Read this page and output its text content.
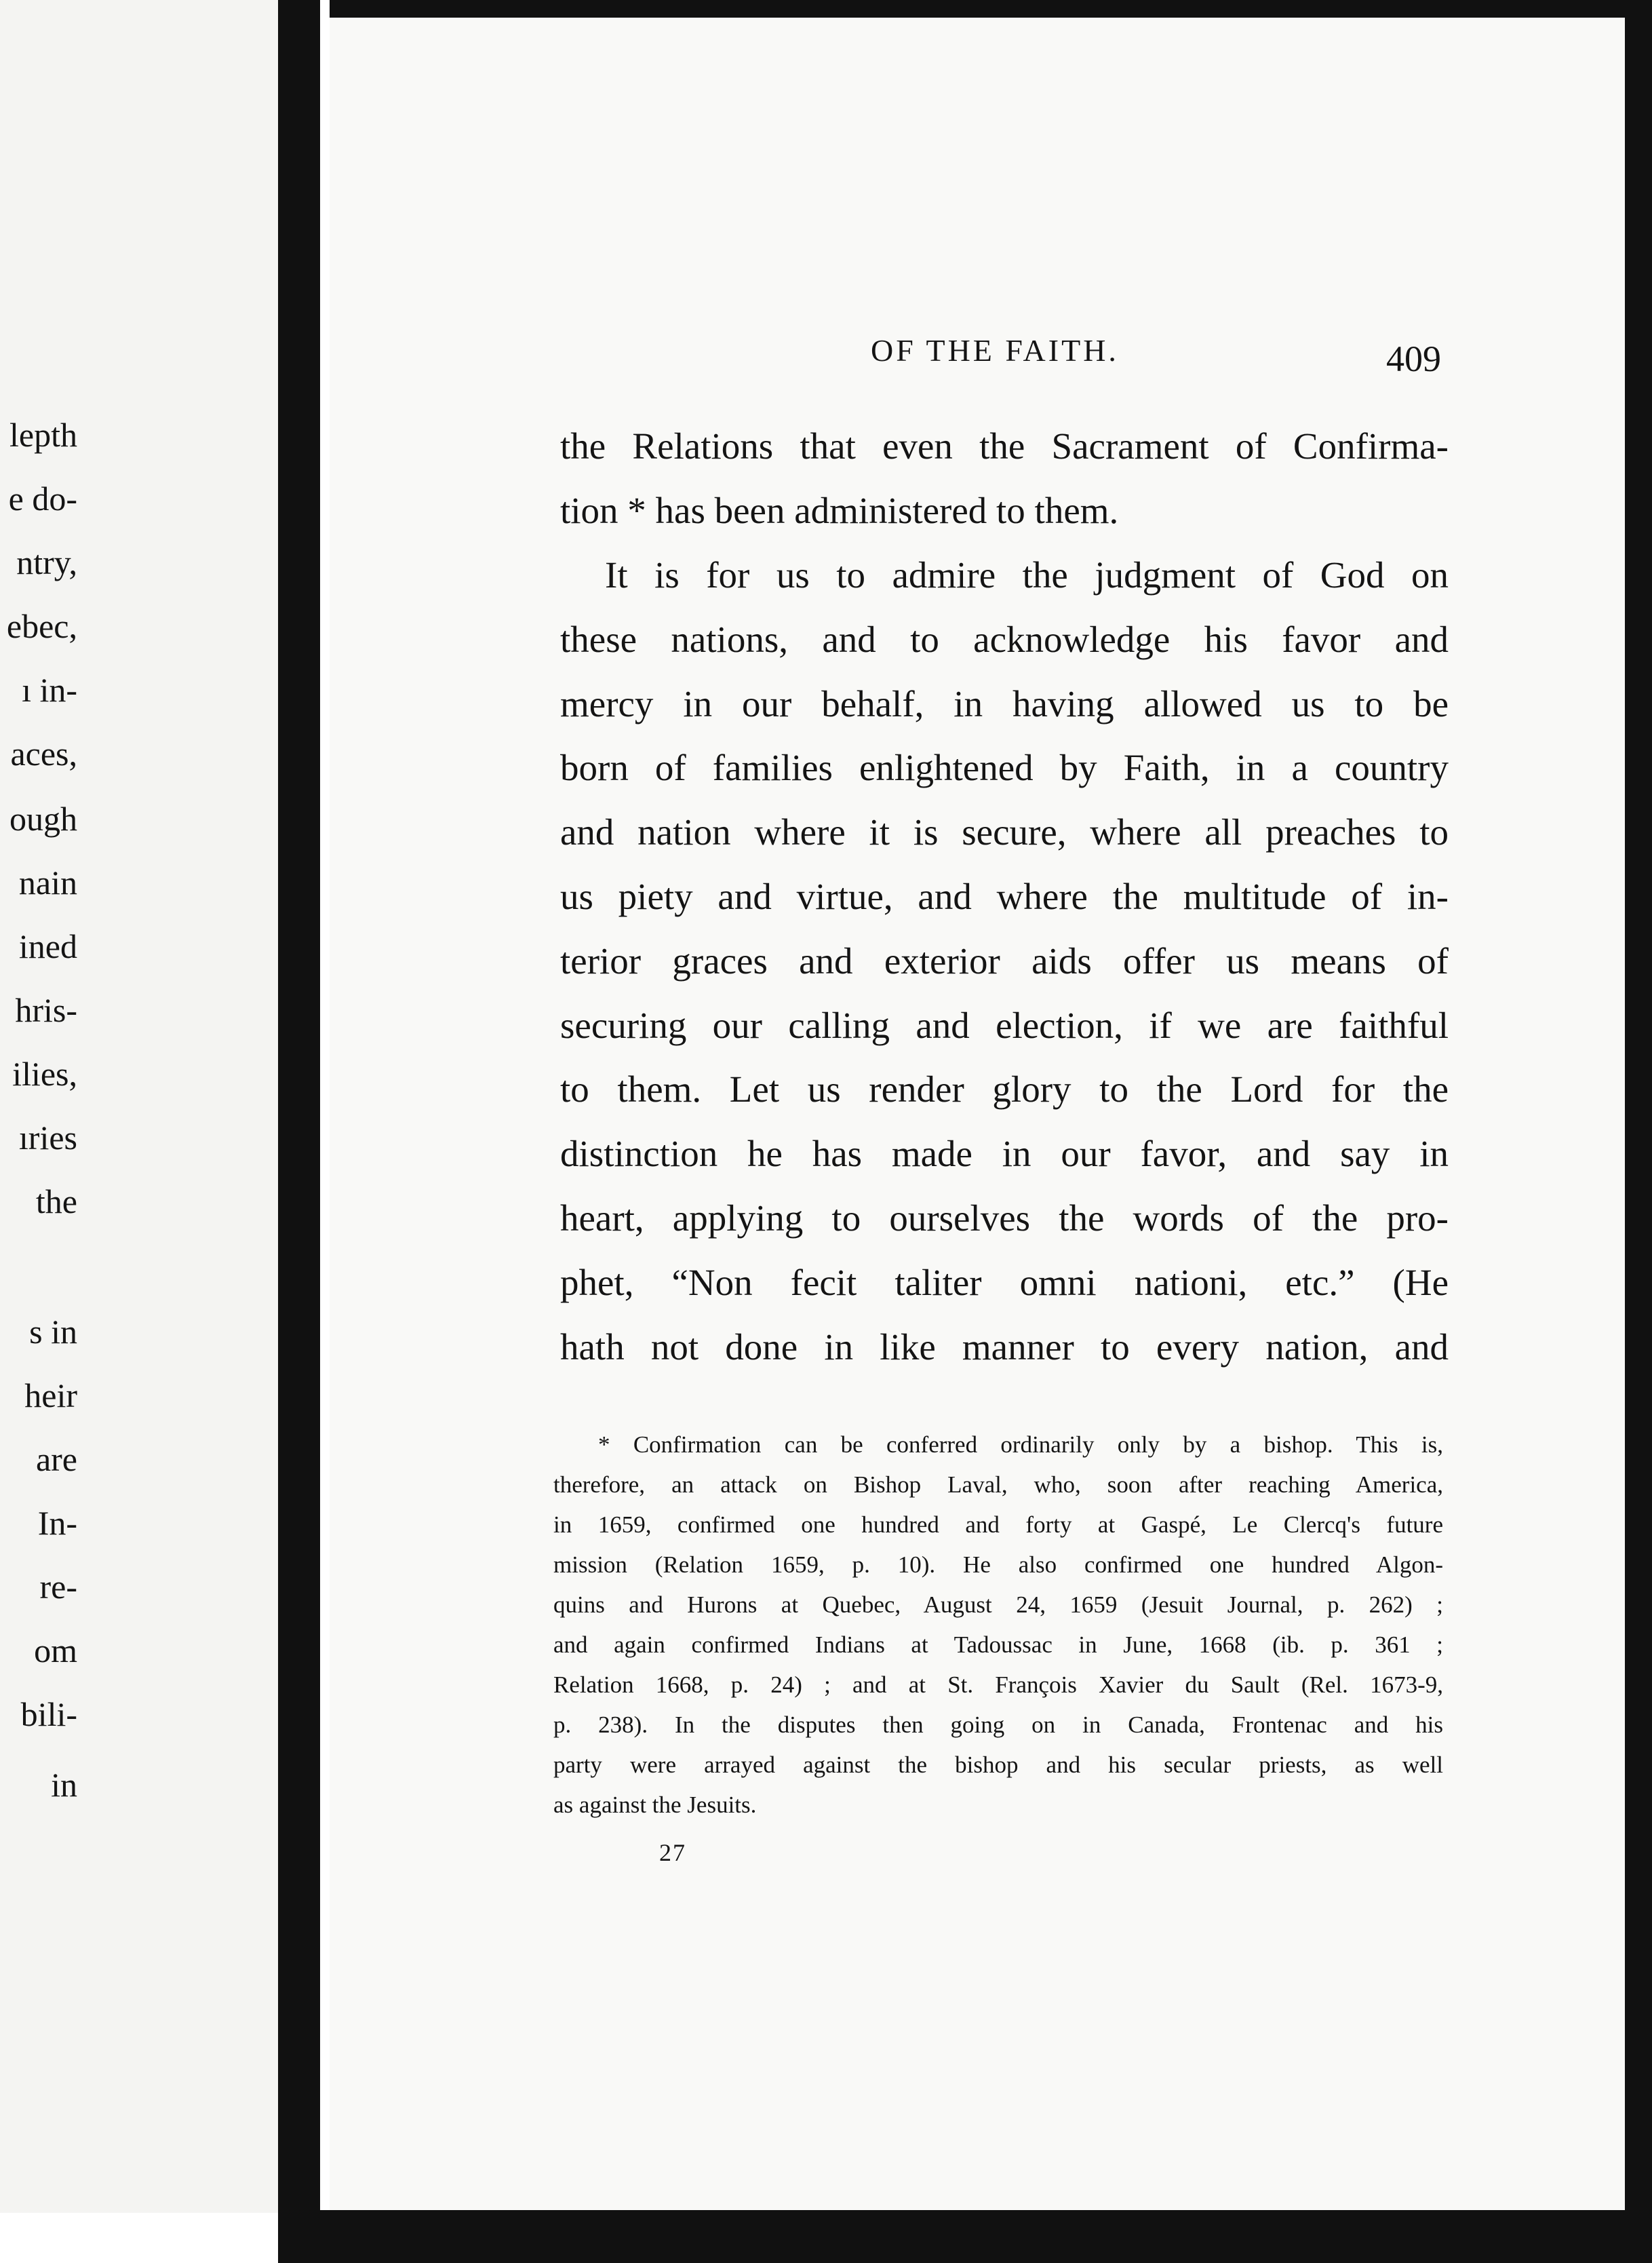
lepth
e do-
ntry,
ebec,
ı in-
aces,
ough
nain
ined
hris-
ilies,
ıries
the
s in
heir
are
In-
re-
om
bili-
in
OF THE FAITH.	409
the Relations that even the Sacrament of Confirma-
tion * has been administered to them.
It is for us to admire the judgment of God on
these nations, and to acknowledge his favor and
mercy in our behalf, in having allowed us to be
born of families enlightened by Faith, in a country
and nation where it is secure, where all preaches to
us piety and virtue, and where the multitude of in-
terior graces and exterior aids offer us means of
securing our calling and election, if we are faithful
to them. Let us render glory to the Lord for the
distinction he has made in our favor, and say in
heart, applying to ourselves the words of the pro-
phet, “Non fecit taliter omni nationi, etc.” (He
hath not done in like manner to every nation, and
* Confirmation can be conferred ordinarily only by a bishop. This is,
therefore, an attack on Bishop Laval, who, soon after reaching America,
in 1659, confirmed one hundred and forty at Gaspé, Le Clercq's future
mission (Relation 1659, p. 10). He also confirmed one hundred Algon-
quins and Hurons at Quebec, August 24, 1659 (Jesuit Journal, p. 262) ;
and again confirmed Indians at Tadoussac in June, 1668 (ib. p. 361 ;
Relation 1668, p. 24) ; and at St. François Xavier du Sault (Rel. 1673-9,
p. 238). In the disputes then going on in Canada, Frontenac and his
party were arrayed against the bishop and his secular priests, as well
as against the Jesuits.
27
